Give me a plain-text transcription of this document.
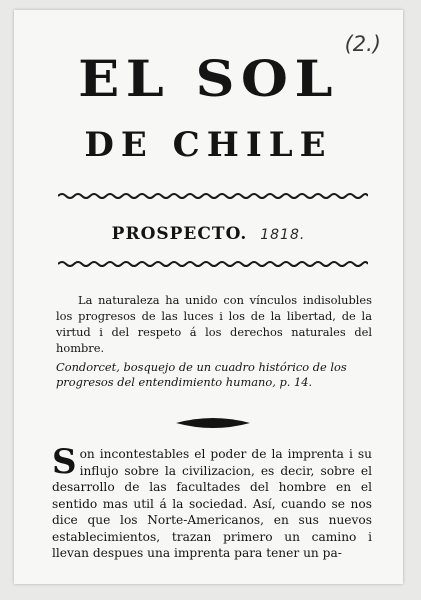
(2.)
EL SOL
DE CHILE
PROSPECTO. 1818.

La naturaleza ha unido con vínculos indisolubles los progresos de las luces i los de la libertad, de la virtud i del respeto á los derechos naturales del hombre.

Condorcet, bosquejo de un cuadro histórico de los progresos del entendimiento humano, p. 14.
Son incontestables el poder de la imprenta i su influjo sobre la civilizacion, es decir, sobre el desarrollo de las facultades del hombre en el sentido mas util á la sociedad. Así, cuando se nos dice que los Norte-Americanos, en sus nuevos establecimientos, trazan primero un camino i llevan despues una imprenta para tener un pa-
